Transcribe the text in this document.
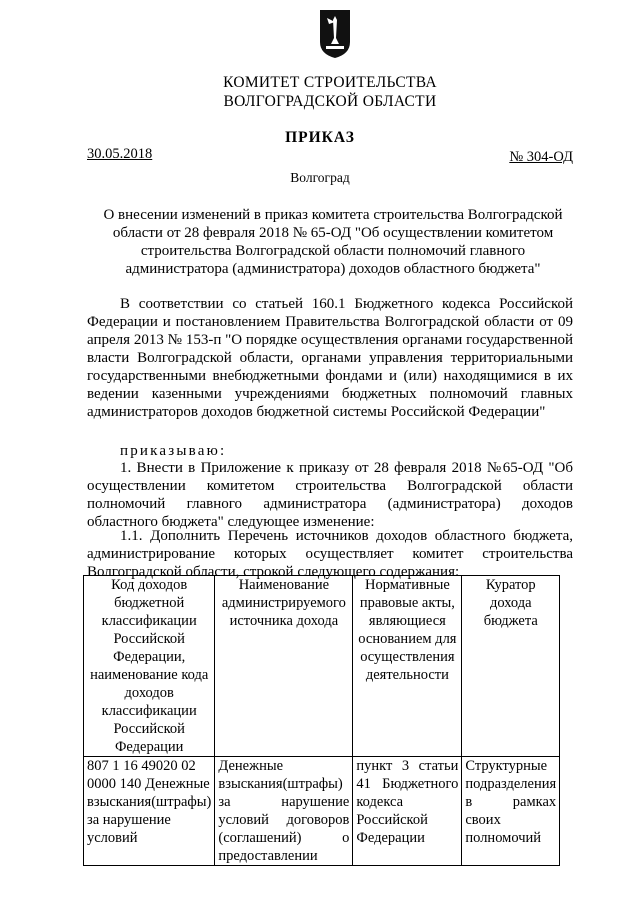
КОМИТЕТ СТРОИТЕЛЬСТВА
ВОЛГОГРАДСКОЙ ОБЛАСТИ
ПРИКАЗ
30.05.2018	№ 304-ОД
Волгоград
О внесении изменений в приказ комитета строительства Волгоградской области от 28 февраля 2018 № 65-ОД "Об осуществлении комитетом строительства Волгоградской области полномочий главного администратора (администратора) доходов областного бюджета"
В соответствии со статьей 160.1 Бюджетного кодекса Российской Федерации и постановлением Правительства Волгоградской области от 09 апреля 2013 № 153-п "О порядке осуществления органами государственной власти Волгоградской области, органами управления территориальными государственными внебюджетными фондами и (или) находящимися в их ведении казенными учреждениями бюджетных полномочий главных администраторов доходов бюджетной системы Российской Федерации"
приказываю:
1. Внести в Приложение к приказу от 28 февраля 2018 №65-ОД "Об осуществлении комитетом строительства Волгоградской области полномочий главного администратора (администратора) доходов областного бюджета" следующее изменение:
1.1. Дополнить Перечень источников доходов областного бюджета, администрирование которых осуществляет комитет строительства Волгоградской области, строкой следующего содержания:
Код доходов бюджетной классификации Российской Федерации, наименование кода доходов классификации Российской Федерации	Наименование администрируемого источника дохода	Нормативные правовые акты, являющиеся основанием для осуществления деятельности	Куратор дохода бюджета
807 1 16 49020 02 0000 140 Денежные взыскания(штрафы) за нарушение условий	Денежные взыскания(штрафы) за нарушение условий договоров (соглашений) о предоставлении	пункт 3 статьи 41 Бюджетного кодекса Российской Федерации	Структурные подразделения в рамках своих полномочий
